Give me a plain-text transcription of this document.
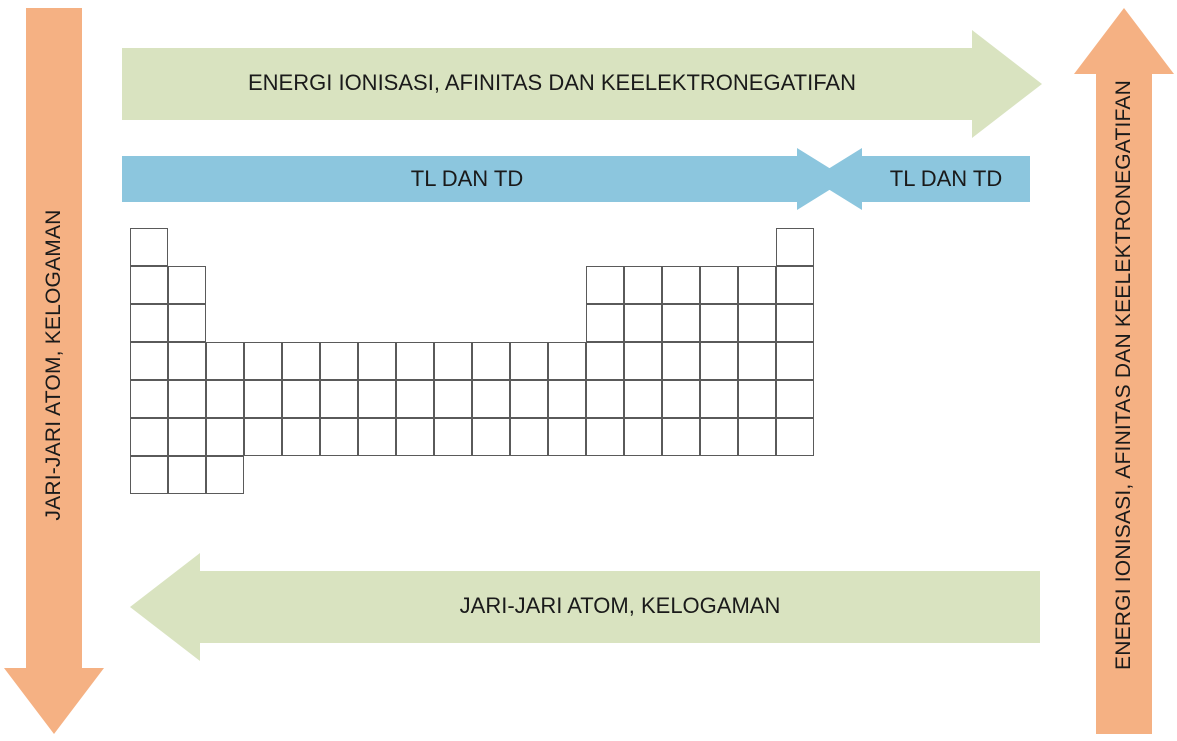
JARI-JARI ATOM, KELOGAMAN	ENERGI IONISASI, AFINITAS DAN KEELEKTRONEGATIFAN
ENERGI IONISASI, AFINITAS DAN KEELEKTRONEGATIFAN
TL DAN TD	TL DAN TD
JARI-JARI ATOM, KELOGAMAN
